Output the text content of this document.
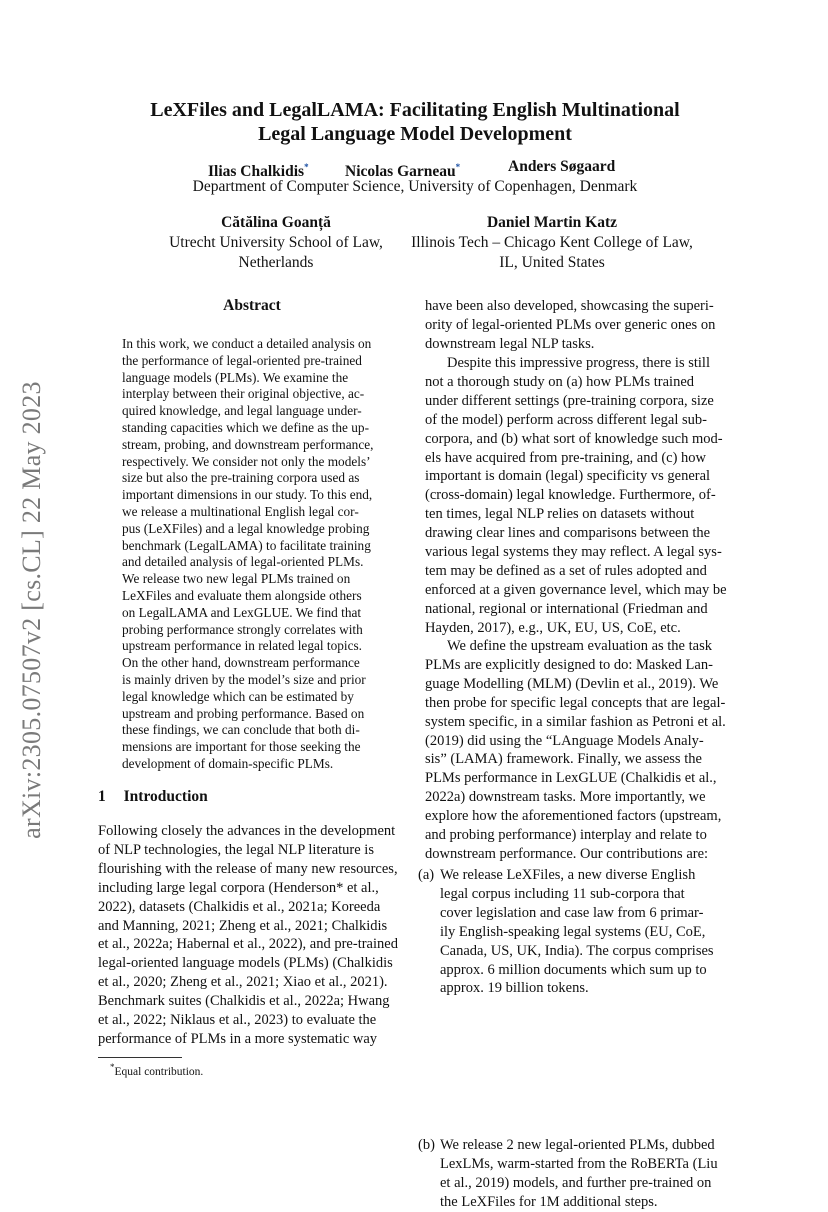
arXiv:2305.07507v2 [cs.CL] 22 May 2023
LeXFiles and LegalLAMA: Facilitating English Multinational
Legal Language Model Development
Ilias Chalkidis* Nicolas Garneau*	Anders Søgaard
Department of Computer Science, University of Copenhagen, Denmark
Cătălina Goanță	Daniel Martin Katz
Utrecht University School of Law,
Netherlands
Illinois Tech – Chicago Kent College of Law,
IL, United States
Abstract
In this work, we conduct a detailed analysis on
the performance of legal-oriented pre-trained
language models (PLMs). We examine the
interplay between their original objective, ac-
quired knowledge, and legal language under-
standing capacities which we define as the up-
stream, probing, and downstream performance,
respectively. We consider not only the models’
size but also the pre-training corpora used as
important dimensions in our study. To this end,
we release a multinational English legal cor-
pus (LeXFiles) and a legal knowledge probing
benchmark (LegalLAMA) to facilitate training
and detailed analysis of legal-oriented PLMs.
We release two new legal PLMs trained on
LeXFiles and evaluate them alongside others
on LegalLAMA and LexGLUE. We find that
probing performance strongly correlates with
upstream performance in related legal topics.
On the other hand, downstream performance
is mainly driven by the model’s size and prior
legal knowledge which can be estimated by
upstream and probing performance. Based on
these findings, we can conclude that both di-
mensions are important for those seeking the
development of domain-specific PLMs.
1 Introduction
Following closely the advances in the development
of NLP technologies, the legal NLP literature is
flourishing with the release of many new resources,
including large legal corpora (Henderson* et al.,
2022), datasets (Chalkidis et al., 2021a; Koreeda
and Manning, 2021; Zheng et al., 2021; Chalkidis
et al., 2022a; Habernal et al., 2022), and pre-trained
legal-oriented language models (PLMs) (Chalkidis
et al., 2020; Zheng et al., 2021; Xiao et al., 2021).
Benchmark suites (Chalkidis et al., 2022a; Hwang
et al., 2022; Niklaus et al., 2023) to evaluate the
performance of PLMs in a more systematic way
*Equal contribution.
have been also developed, showcasing the superi-
ority of legal-oriented PLMs over generic ones on
downstream legal NLP tasks.
Despite this impressive progress, there is still
not a thorough study on (a) how PLMs trained
under different settings (pre-training corpora, size
of the model) perform across different legal sub-
corpora, and (b) what sort of knowledge such mod-
els have acquired from pre-training, and (c) how
important is domain (legal) specificity vs general
(cross-domain) legal knowledge. Furthermore, of-
ten times, legal NLP relies on datasets without
drawing clear lines and comparisons between the
various legal systems they may reflect. A legal sys-
tem may be defined as a set of rules adopted and
enforced at a given governance level, which may be
national, regional or international (Friedman and
Hayden, 2017), e.g., UK, EU, US, CoE, etc.
We define the upstream evaluation as the task
PLMs are explicitly designed to do: Masked Lan-
guage Modelling (MLM) (Devlin et al., 2019). We
then probe for specific legal concepts that are legal-
system specific, in a similar fashion as Petroni et al.
(2019) did using the “LAnguage Models Analy-
sis” (LAMA) framework. Finally, we assess the
PLMs performance in LexGLUE (Chalkidis et al.,
2022a) downstream tasks. More importantly, we
explore how the aforementioned factors (upstream,
and probing performance) interplay and relate to
downstream performance. Our contributions are:
(a) We release LeXFiles, a new diverse English
legal corpus including 11 sub-corpora that
cover legislation and case law from 6 primar-
ily English-speaking legal systems (EU, CoE,
Canada, US, UK, India). The corpus comprises
approx. 6 million documents which sum up to
approx. 19 billion tokens.
(b) We release 2 new legal-oriented PLMs, dubbed
LexLMs, warm-started from the RoBERTa (Liu
et al., 2019) models, and further pre-trained on
the LeXFiles for 1M additional steps.
